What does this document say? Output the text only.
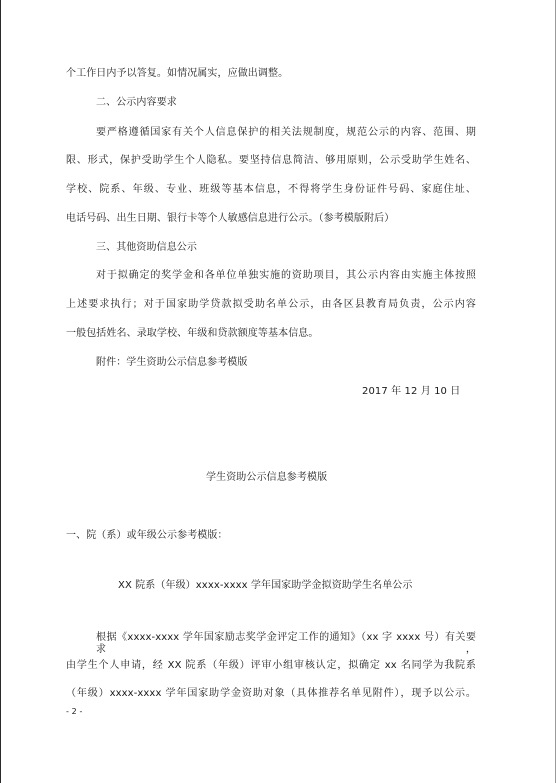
个工作日内予以答复。如情况属实，应做出调整。
二、公示内容要求
要严格遵循国家有关个人信息保护的相关法规制度，规范公示的内容、范围、期
限、形式，保护受助学生个人隐私。要坚持信息简洁、够用原则，公示受助学生姓名、
学校、院系、年级、专业、班级等基本信息，不得将学生身份证件号码、家庭住址、
电话号码、出生日期、银行卡等个人敏感信息进行公示。（参考模版附后）
三、其他资助信息公示
对于拟确定的奖学金和各单位单独实施的资助项目，其公示内容由实施主体按照
上述要求执行；对于国家助学贷款拟受助名单公示，由各区县教育局负责，公示内容
一般包括姓名、录取学校、年级和贷款额度等基本信息。
附件：学生资助公示信息参考模版
2017 年 12 月 10 日
学生资助公示信息参考模版
一、院（系）或年级公示参考模版：
XX 院系（年级）xxxx-xxxx 学年国家助学金拟资助学生名单公示
根据《xxxx-xxxx 学年国家励志奖学金评定工作的通知》（xx 字 xxxx 号）有关要求，
由学生个人申请，经 XX 院系（年级）评审小组审核认定，拟确定 xx 名同学为我院系
（年级）xxxx-xxxx 学年国家助学金资助对象（具体推荐名单见附件），现予以公示。
- 2 -
